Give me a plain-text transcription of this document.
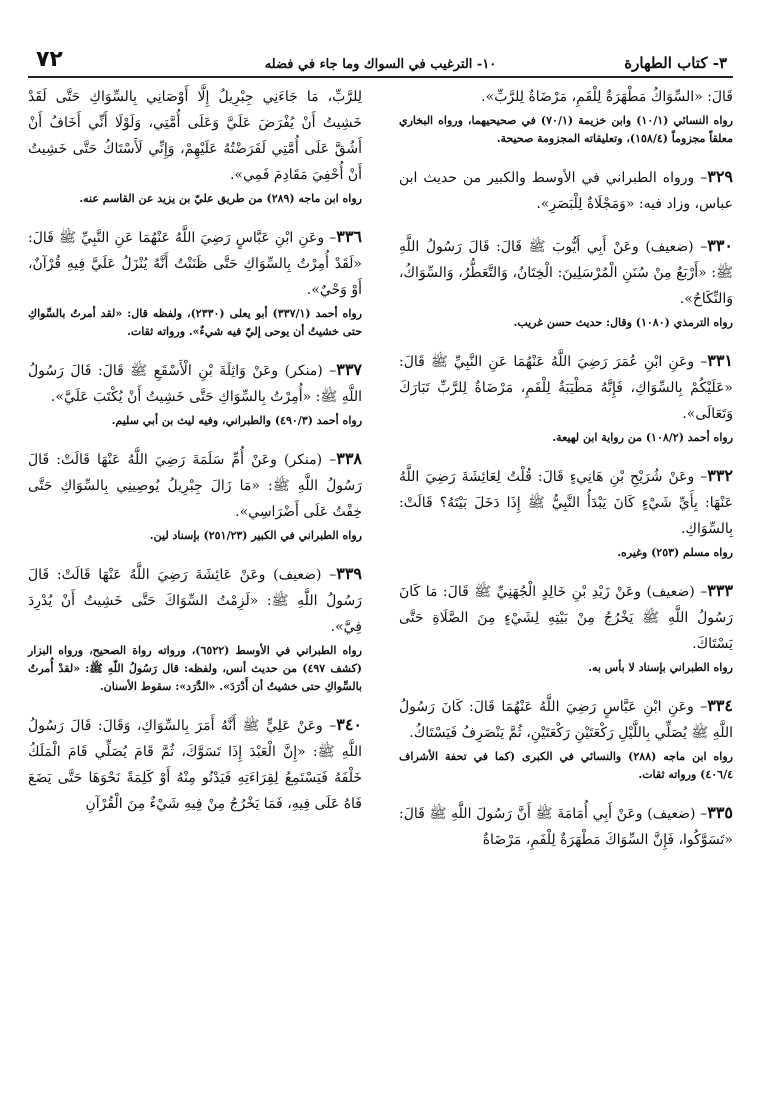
٣- كتاب الطهارة
١٠- الترغيب في السواك وما جاء في فضله
٧٢

قَالَ: «السِّوَاكُ مَطْهَرَةٌ لِلْفَمِ، مَرْضَاةٌ لِلرَّبِّ».

رواه النسائي (١٠/١) وابن خزيمة (٧٠/١) في صحيحيهما، ورواه البخاري معلقاً مجزوماً (١٥٨/٤)، وتعليقاته المجزومة صحيحة.

٣٢٩– ورواه الطبراني في الأوسط والكبير من حديث ابن عباس، وزاد فيه: «وَمَجْلَاةٌ لِلْبَصَرِ».

٣٣٠– (ضعيف) وعَنْ أَبِي أَيُّوبَ ﷺ قَالَ: قَالَ رَسُولُ اللَّهِ ﷺ: «أَرْبَعٌ مِنْ سُنَنِ الْمُرْسَلِينَ: الْخِتَانُ، وَالتَّعَطُّرُ، وَالسِّوَاكُ، وَالنِّكَاحُ».

رواه الترمذي (١٠٨٠) وقال: حديث حسن غريب.

٣٣١– وعَنِ ابْنِ عُمَرَ رَضِيَ اللَّهُ عَنْهُمَا عَنِ النَّبِيِّ ﷺ قَالَ: «عَلَيْكُمْ بِالسِّوَاكِ، فَإِنَّهُ مَطْيَبَةٌ لِلْفَمِ، مَرْضَاةٌ لِلرَّبِّ تَبَارَكَ وَتَعَالَى».

رواه أحمد (١٠٨/٢) من رواية ابن لهيعة.

٣٣٢– وعَنْ شُرَيْحِ بْنِ هَانِيءٍ قَالَ: قُلْتُ لِعَائِشَةَ رَضِيَ اللَّهُ عَنْهَا: بِأَيِّ شَيْءٍ كَانَ يَبْدَأُ النَّبِيُّ ﷺ إِذَا دَخَلَ بَيْتَهُ؟ قَالَتْ: بِالسِّوَاكِ.

رواه مسلم (٢٥٣) وغيره.

٣٣٣– (ضعيف) وعَنْ زَيْدِ بْنِ خَالِدٍ الْجُهَنِيِّ ﷺ قَالَ: مَا كَانَ رَسُولُ اللَّهِ ﷺ يَخْرُجُ مِنْ بَيْتِهِ لِشَيْءٍ مِنَ الصَّلَاةِ حَتَّى يَسْتَاكَ.

رواه الطبراني بإسناد لا بأس به.

٣٣٤– وعَنِ ابْنِ عَبَّاسٍ رَضِيَ اللَّهُ عَنْهُمَا قَالَ: كَانَ رَسُولُ اللَّهِ ﷺ يُصَلِّي بِاللَّيْلِ رَكْعَتَيْنِ رَكْعَتَيْنِ، ثُمَّ يَنْصَرِفُ فَيَسْتَاكُ.

رواه ابن ماجه (٢٨٨) والنسائي في الكبرى (كما في تحفة الأشراف ٤٠٦/٤) ورواته ثقات.

٣٣٥– (ضعيف) وعَنْ أَبِي أُمَامَةَ ﷺ أَنَّ رَسُولَ اللَّهِ ﷺ قَالَ: «تَسَوَّكُوا، فَإِنَّ السِّوَاكَ مَطْهَرَةٌ لِلْفَمِ، مَرْضَاةٌ

لِلرَّبِّ، مَا جَاءَنِي جِبْرِيلُ إِلَّا أَوْصَانِي بِالسِّوَاكِ حَتَّى لَقَدْ خَشِيتُ أَنْ يُفْرَضَ عَلَيَّ وَعَلَى أُمَّتِي، وَلَوْلَا أَنِّي أَخَافُ أَنْ أَشُقَّ عَلَى أُمَّتِي لَفَرَضْتُهُ عَلَيْهِمْ، وَإِنِّي لَأَسْتَاكُ حَتَّى خَشِيتُ أَنْ أُحْفِيَ مَقَادِمَ فَمِي».

رواه ابن ماجه (٢٨٩) من طريق عليّ بن يزيد عن القاسم عنه.

٣٣٦– وعَنِ ابْنِ عَبَّاسٍ رَضِيَ اللَّهُ عَنْهُمَا عَنِ النَّبِيِّ ﷺ قَالَ: «لَقَدْ أُمِرْتُ بِالسِّوَاكِ حَتَّى ظَنَنْتُ أَنَّهُ يُنْزَلُ عَلَيَّ فِيهِ قُرْآنٌ، أَوْ وَحْيٌ».

رواه أحمد (٣٣٧/١) أبو يعلى (٢٣٣٠)، ولفظه قال: «لقد أمرتُ بالسِّواكِ حتى خشيتُ أن يوحى إليّ فيه شيءٌ». ورواته ثقات.

٣٣٧– (منكر) وعَنْ وَاثِلَةَ بْنِ الْأَسْقَعِ ﷺ قَالَ: قَالَ رَسُولُ اللَّهِ ﷺ: «أُمِرْتُ بِالسِّوَاكِ حَتَّى خَشِيتُ أَنْ يُكْتَبَ عَلَيَّ».

رواه أحمد (٤٩٠/٣) والطبراني، وفيه ليث بن أبي سليم.

٣٣٨– (منكر) وعَنْ أُمِّ سَلَمَةَ رَضِيَ اللَّهُ عَنْهَا قَالَتْ: قَالَ رَسُولُ اللَّهِ ﷺ: «مَا زَالَ جِبْرِيلُ يُوصِينِي بِالسِّوَاكِ حَتَّى خِفْتُ عَلَى أَضْرَاسِي».

رواه الطبراني في الكبير (٢٥١/٢٣) بإسناد لين.

٣٣٩– (ضعيف) وعَنْ عَائِشَةَ رَضِيَ اللَّهُ عَنْهَا قَالَتْ: قَالَ رَسُولُ اللَّهِ ﷺ: «لَزِمْتُ السِّوَاكَ حَتَّى خَشِيتُ أَنْ يُدْرِدَ فِيَّ».

رواه الطبراني في الأوسط (٦٥٢٢)، ورواته رواة الصحيح، ورواه البزار (كشف ٤٩٧) من حديث أنس، ولفظه: قال رَسُولُ اللّهِ ﷺ: «لقدْ أُمرتُ بالسِّواكِ حتى خشيتُ أن أَدْرَدَ». «الدَّرَد»: سقوط الأسنان.

٣٤٠– وعَنْ عَلِيٍّ ﷺ أَنَّهُ أَمَرَ بِالسِّوَاكِ، وَقَالَ: قَالَ رَسُولُ اللَّهِ ﷺ: «إِنَّ الْعَبْدَ إِذَا تَسَوَّكَ، ثُمَّ قَامَ يُصَلِّي قَامَ الْمَلَكُ خَلْفَهُ فَيَسْتَمِعُ لِقِرَاءَتِهِ فَيَدْنُو مِنْهُ أَوْ كَلِمَةً نَحْوَهَا حَتَّى يَضَعَ فَاهُ عَلَى فِيهِ، فَمَا يَخْرُجُ مِنْ فِيهِ شَيْءٌ مِنَ الْقُرْآنِ
